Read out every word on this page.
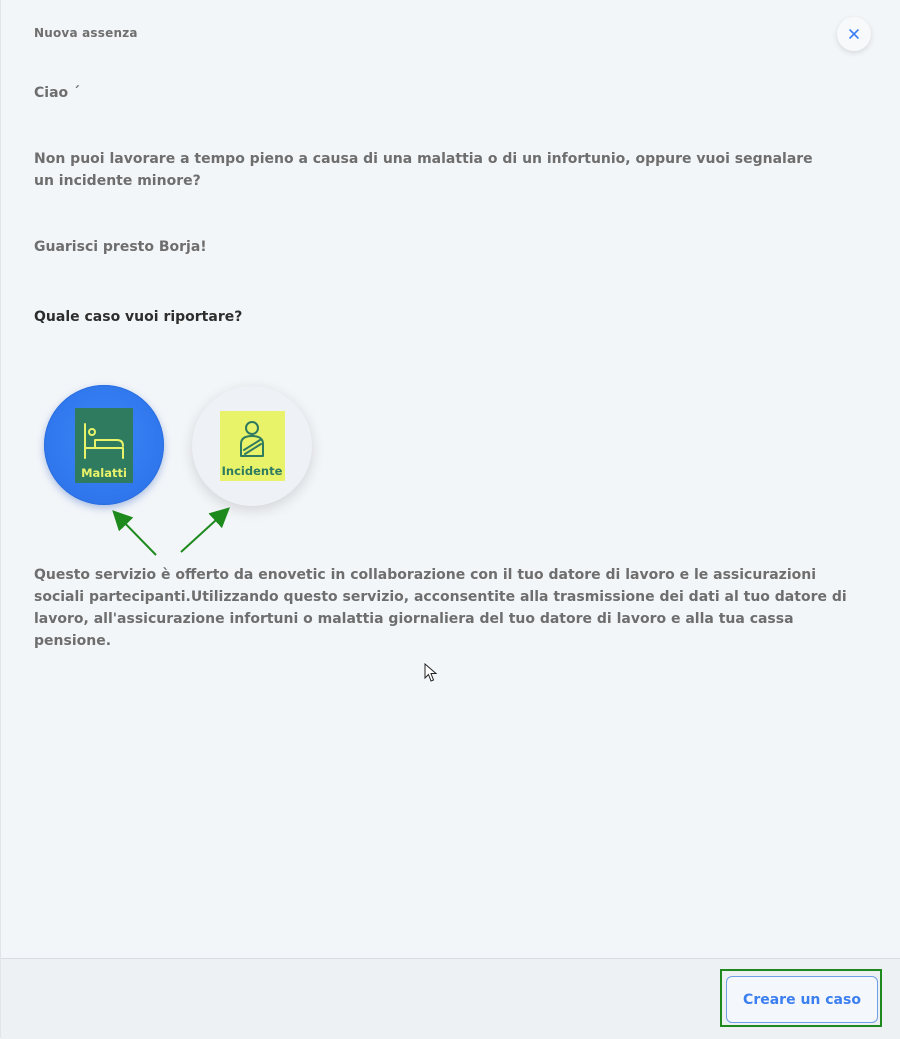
Nuova assenza
Ciao ˊ
Non puoi lavorare a tempo pieno a causa di una malattia o di un infortunio, oppure vuoi segnalare un incidente minore?
Guarisci presto Borja!
Quale caso vuoi riportare?
Malatti	Incidente
Questo servizio è offerto da enovetic in collaborazione con il tuo datore di lavoro e le assicurazioni sociali partecipanti.Utilizzando questo servizio, acconsentite alla trasmissione dei dati al tuo datore di lavoro, all'assicurazione infortuni o malattia giornaliera del tuo datore di lavoro e alla tua cassa pensione.
Creare un caso
